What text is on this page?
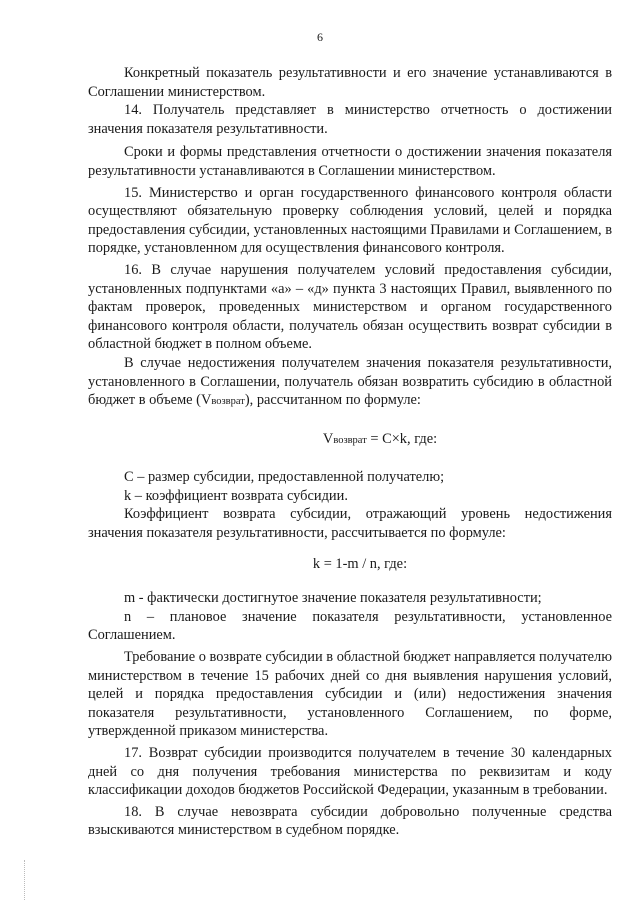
6

Конкретный показатель результативности и его значение устанавливаются в Соглашении министерством.

14. Получатель представляет в министерство отчетность о достижении значения показателя результативности.

Сроки и формы представления отчетности о достижении значения показателя результативности устанавливаются в Соглашении министерством.

15. Министерство и орган государственного финансового контроля области осуществляют обязательную проверку соблюдения условий, целей и порядка предоставления субсидии, установленных настоящими Правилами и Соглашением, в порядке, установленном для осуществления финансового контроля.

16. В случае нарушения получателем условий предоставления субсидии, установленных подпунктами «а» – «д» пункта 3 настоящих Правил, выявленного по фактам проверок, проведенных министерством и органом государственного финансового контроля области, получатель обязан осуществить возврат субсидии в областной бюджет в полном объеме.

В случае недостижения получателем значения показателя результативности, установленного в Соглашении, получатель обязан возвратить субсидию в областной бюджет в объеме (Vвозврат), рассчитанном по формуле:

Vвозврат = C×k, где:

С – размер субсидии, предоставленной получателю;

k – коэффициент возврата субсидии.

Коэффициент возврата субсидии, отражающий уровень недостижения значения показателя результативности, рассчитывается по формуле:

k = 1-m / n, где:

m - фактически достигнутое значение показателя результативности;

n – плановое значение показателя результативности, установленное Соглашением.

Требование о возврате субсидии в областной бюджет направляется получателю министерством в течение 15 рабочих дней со дня выявления нарушения условий, целей и порядка предоставления субсидии и (или) недостижения значения показателя результативности, установленного Соглашением, по форме, утвержденной приказом министерства.

17. Возврат субсидии производится получателем в течение 30 календарных дней со дня получения требования министерства по реквизитам и коду классификации доходов бюджетов Российской Федерации, указанным в требовании.

18. В случае невозврата субсидии добровольно полученные средства взыскиваются министерством в судебном порядке.
